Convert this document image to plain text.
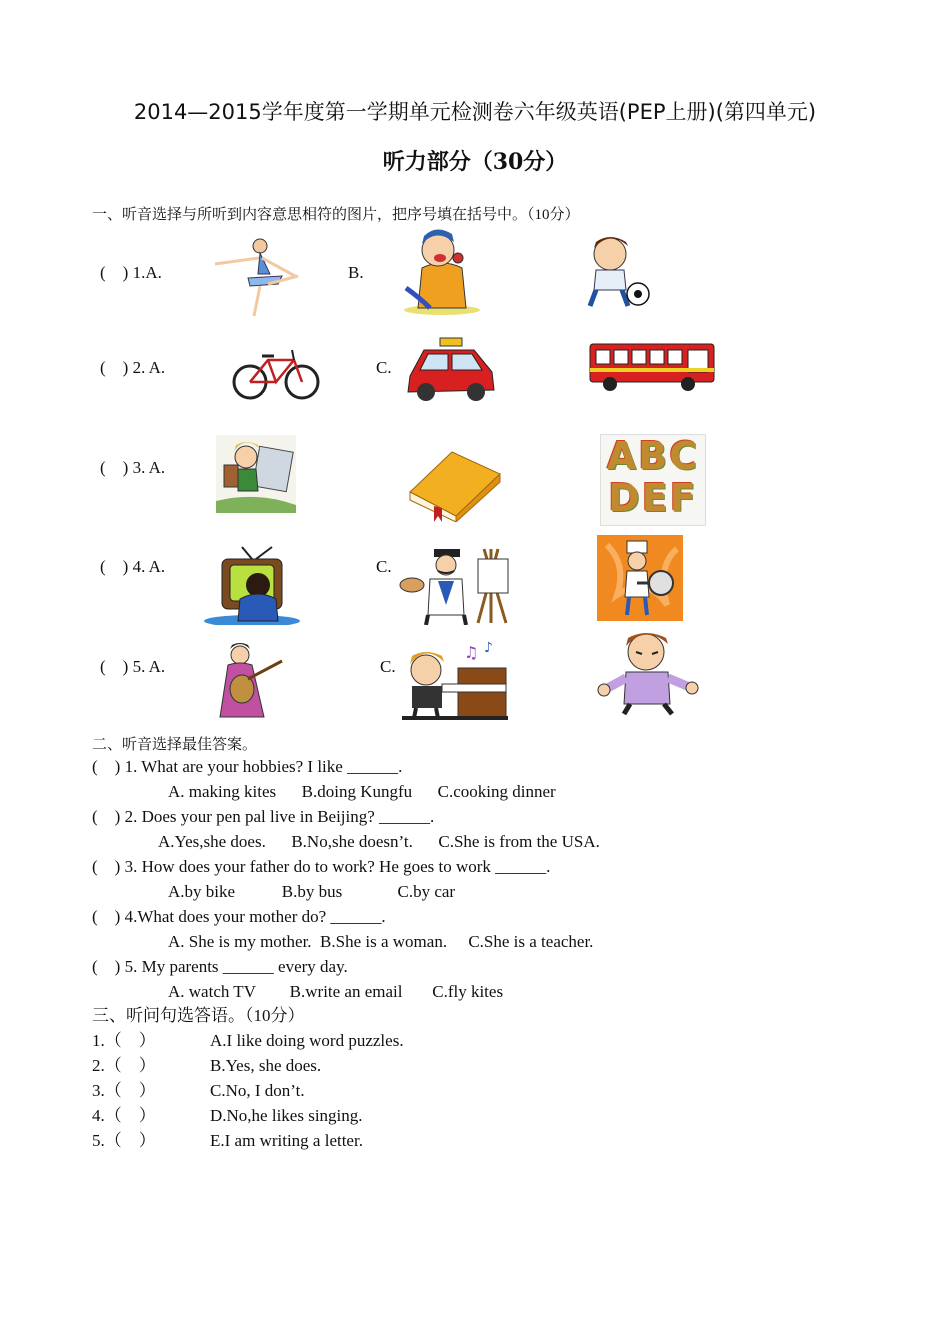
2014—2015学年度第一学期单元检测卷六年级英语(PEP上册)(第四单元)
听力部分（30分）
一、听音选择与所听到内容意思相符的图片，把序号填在括号中。（10分）
(    ) 1.A.	B.
(    ) 2. A.	C.
(    ) 3. A.	ABC
DEF
(    ) 4. A.	C.
(    ) 5. A.	C.
♫ ♪
二、听音选择最佳答案。
(    ) 1. What are your hobbies? I like ______.
A. making kites      B.doing Kungfu      C.cooking dinner
(    ) 2. Does your pen pal live in Beijing? ______.
A.Yes,she does.      B.No,she doesn’t.      C.She is from the USA.
(    ) 3. How does your father do to work? He goes to work ______.
A.by bike           B.by bus             C.by car
(    ) 4.What does your mother do? ______.
A. She is my mother.  B.She is a woman.     C.She is a teacher.
(    ) 5. My parents ______ every day.
A. watch TV        B.write an email       C.fly kites
三、听问句选答语。（10分）
1.（    ）	A.I like doing word puzzles.
2.（    ）	B.Yes, she does.
3.（    ）	C.No, I don’t.
4.（    ）	D.No,he likes singing.
5.（    ）	E.I am writing a letter.
